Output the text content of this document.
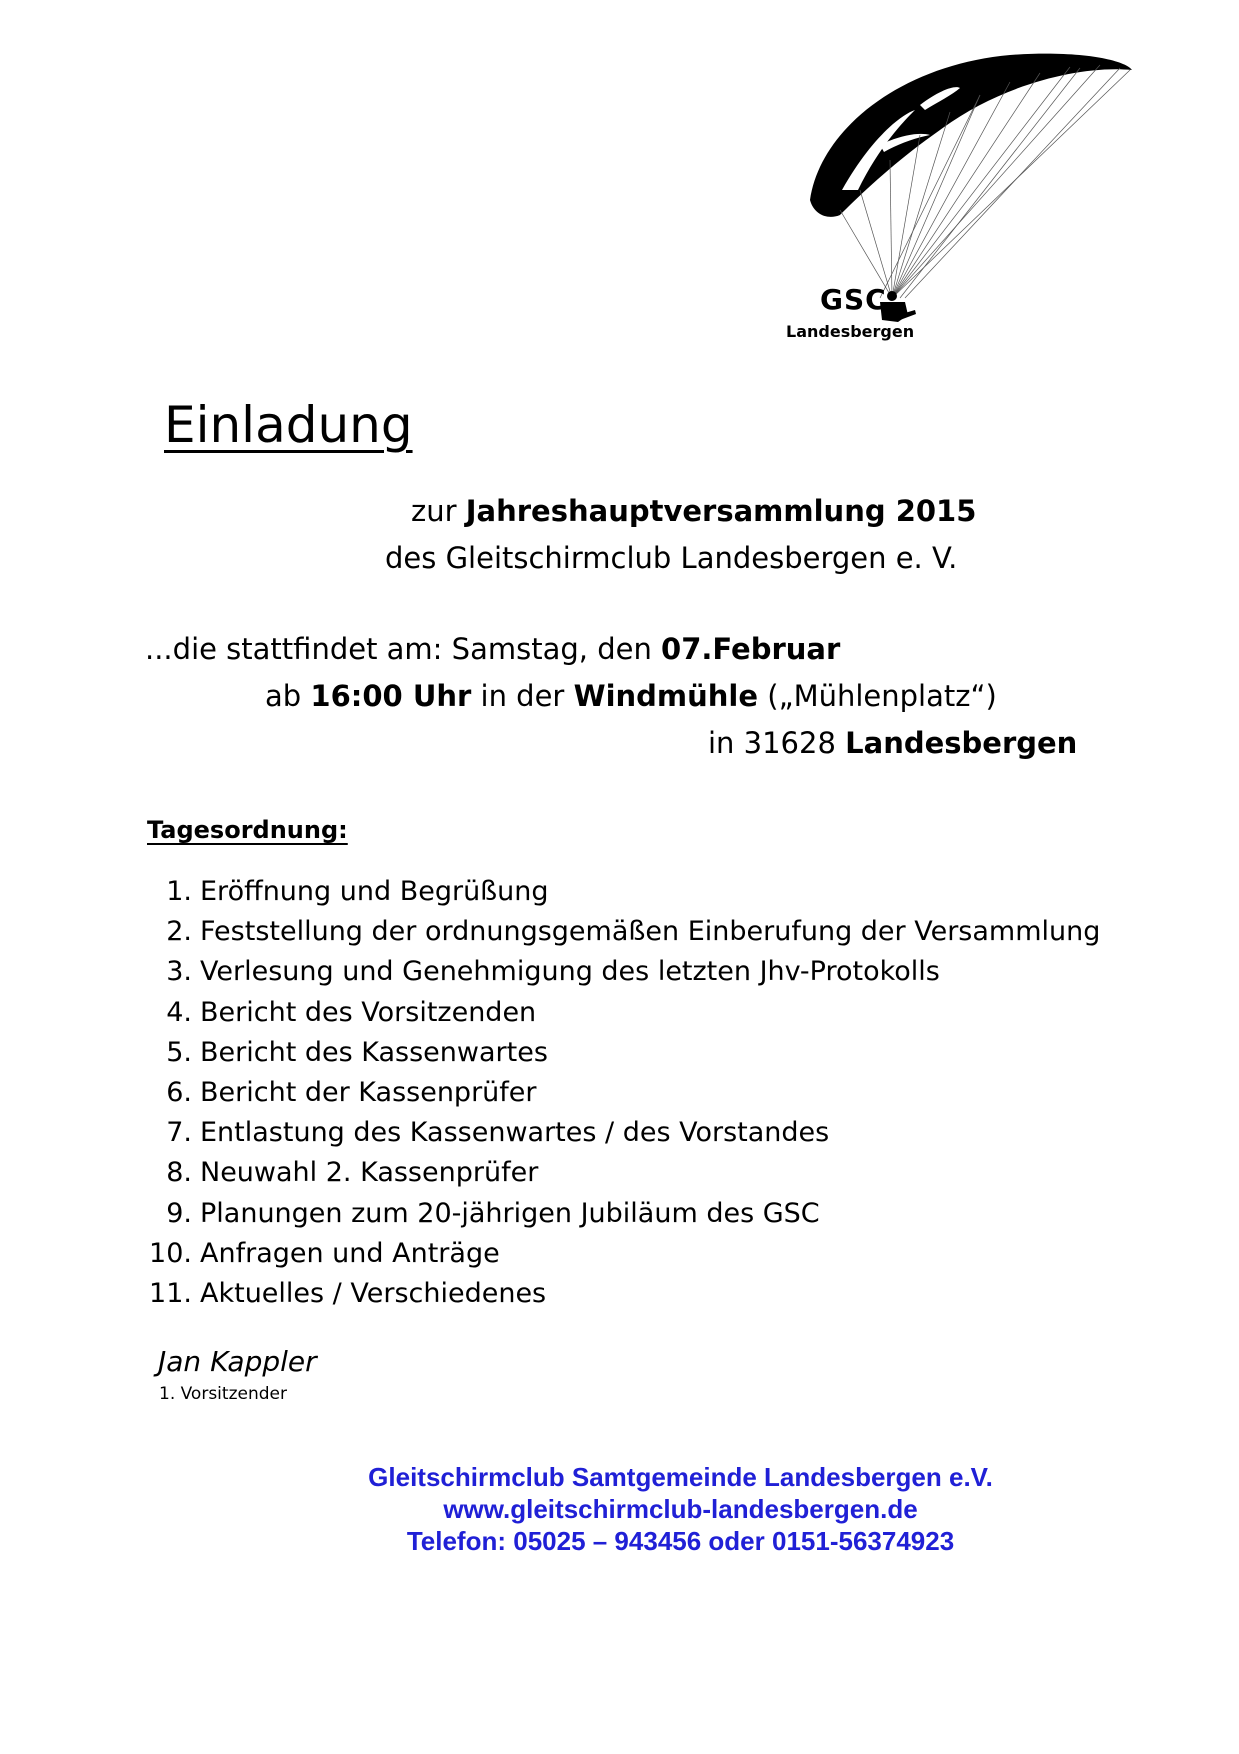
GSC
Landesbergen
Einladung
zur Jahreshauptversammlung 2015
des Gleitschirmclub Landesbergen e. V.
...die stattfindet am: Samstag, den 07.Februar
ab 16:00 Uhr in der Windmühle („Mühlenplatz“)
in 31628 Landesbergen
Tagesordnung:
1. Eröffnung und Begrüßung
2. Feststellung der ordnungsgemäßen Einberufung der Versammlung
3. Verlesung und Genehmigung des letzten Jhv-Protokolls
4. Bericht des Vorsitzenden
5. Bericht des Kassenwartes
6. Bericht der Kassenprüfer
7. Entlastung des Kassenwartes / des Vorstandes
8. Neuwahl 2. Kassenprüfer
9. Planungen zum 20-jährigen Jubiläum des GSC
10. Anfragen und Anträge
11. Aktuelles / Verschiedenes
Jan Kappler
1. Vorsitzender
Gleitschirmclub Samtgemeinde Landesbergen e.V.
www.gleitschirmclub-landesbergen.de
Telefon: 05025 – 943456 oder 0151-56374923
